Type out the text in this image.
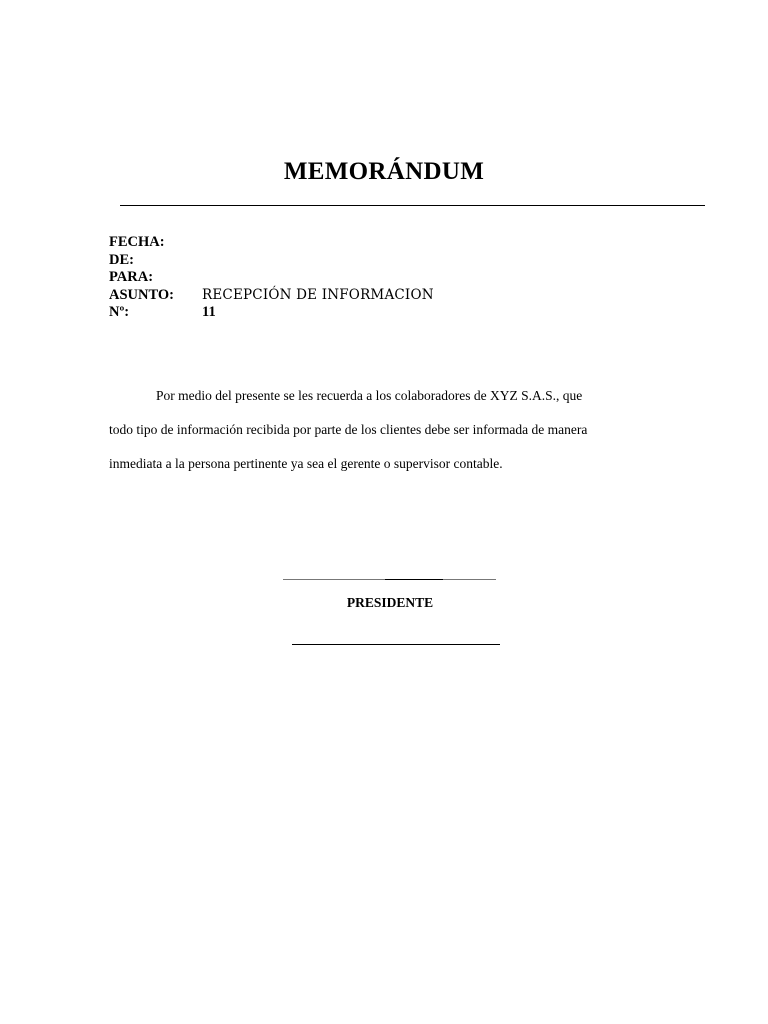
MEMORÁNDUM
FECHA:
DE:
PARA:
ASUNTO:	RECEPCIÓN DE INFORMACION
Nº:	11
Por medio del presente se les recuerda a los colaboradores de XYZ S.A.S., que
todo tipo de información recibida por parte de los clientes debe ser informada de manera
inmediata a la persona pertinente ya sea el gerente o supervisor contable.

PRESIDENTE
